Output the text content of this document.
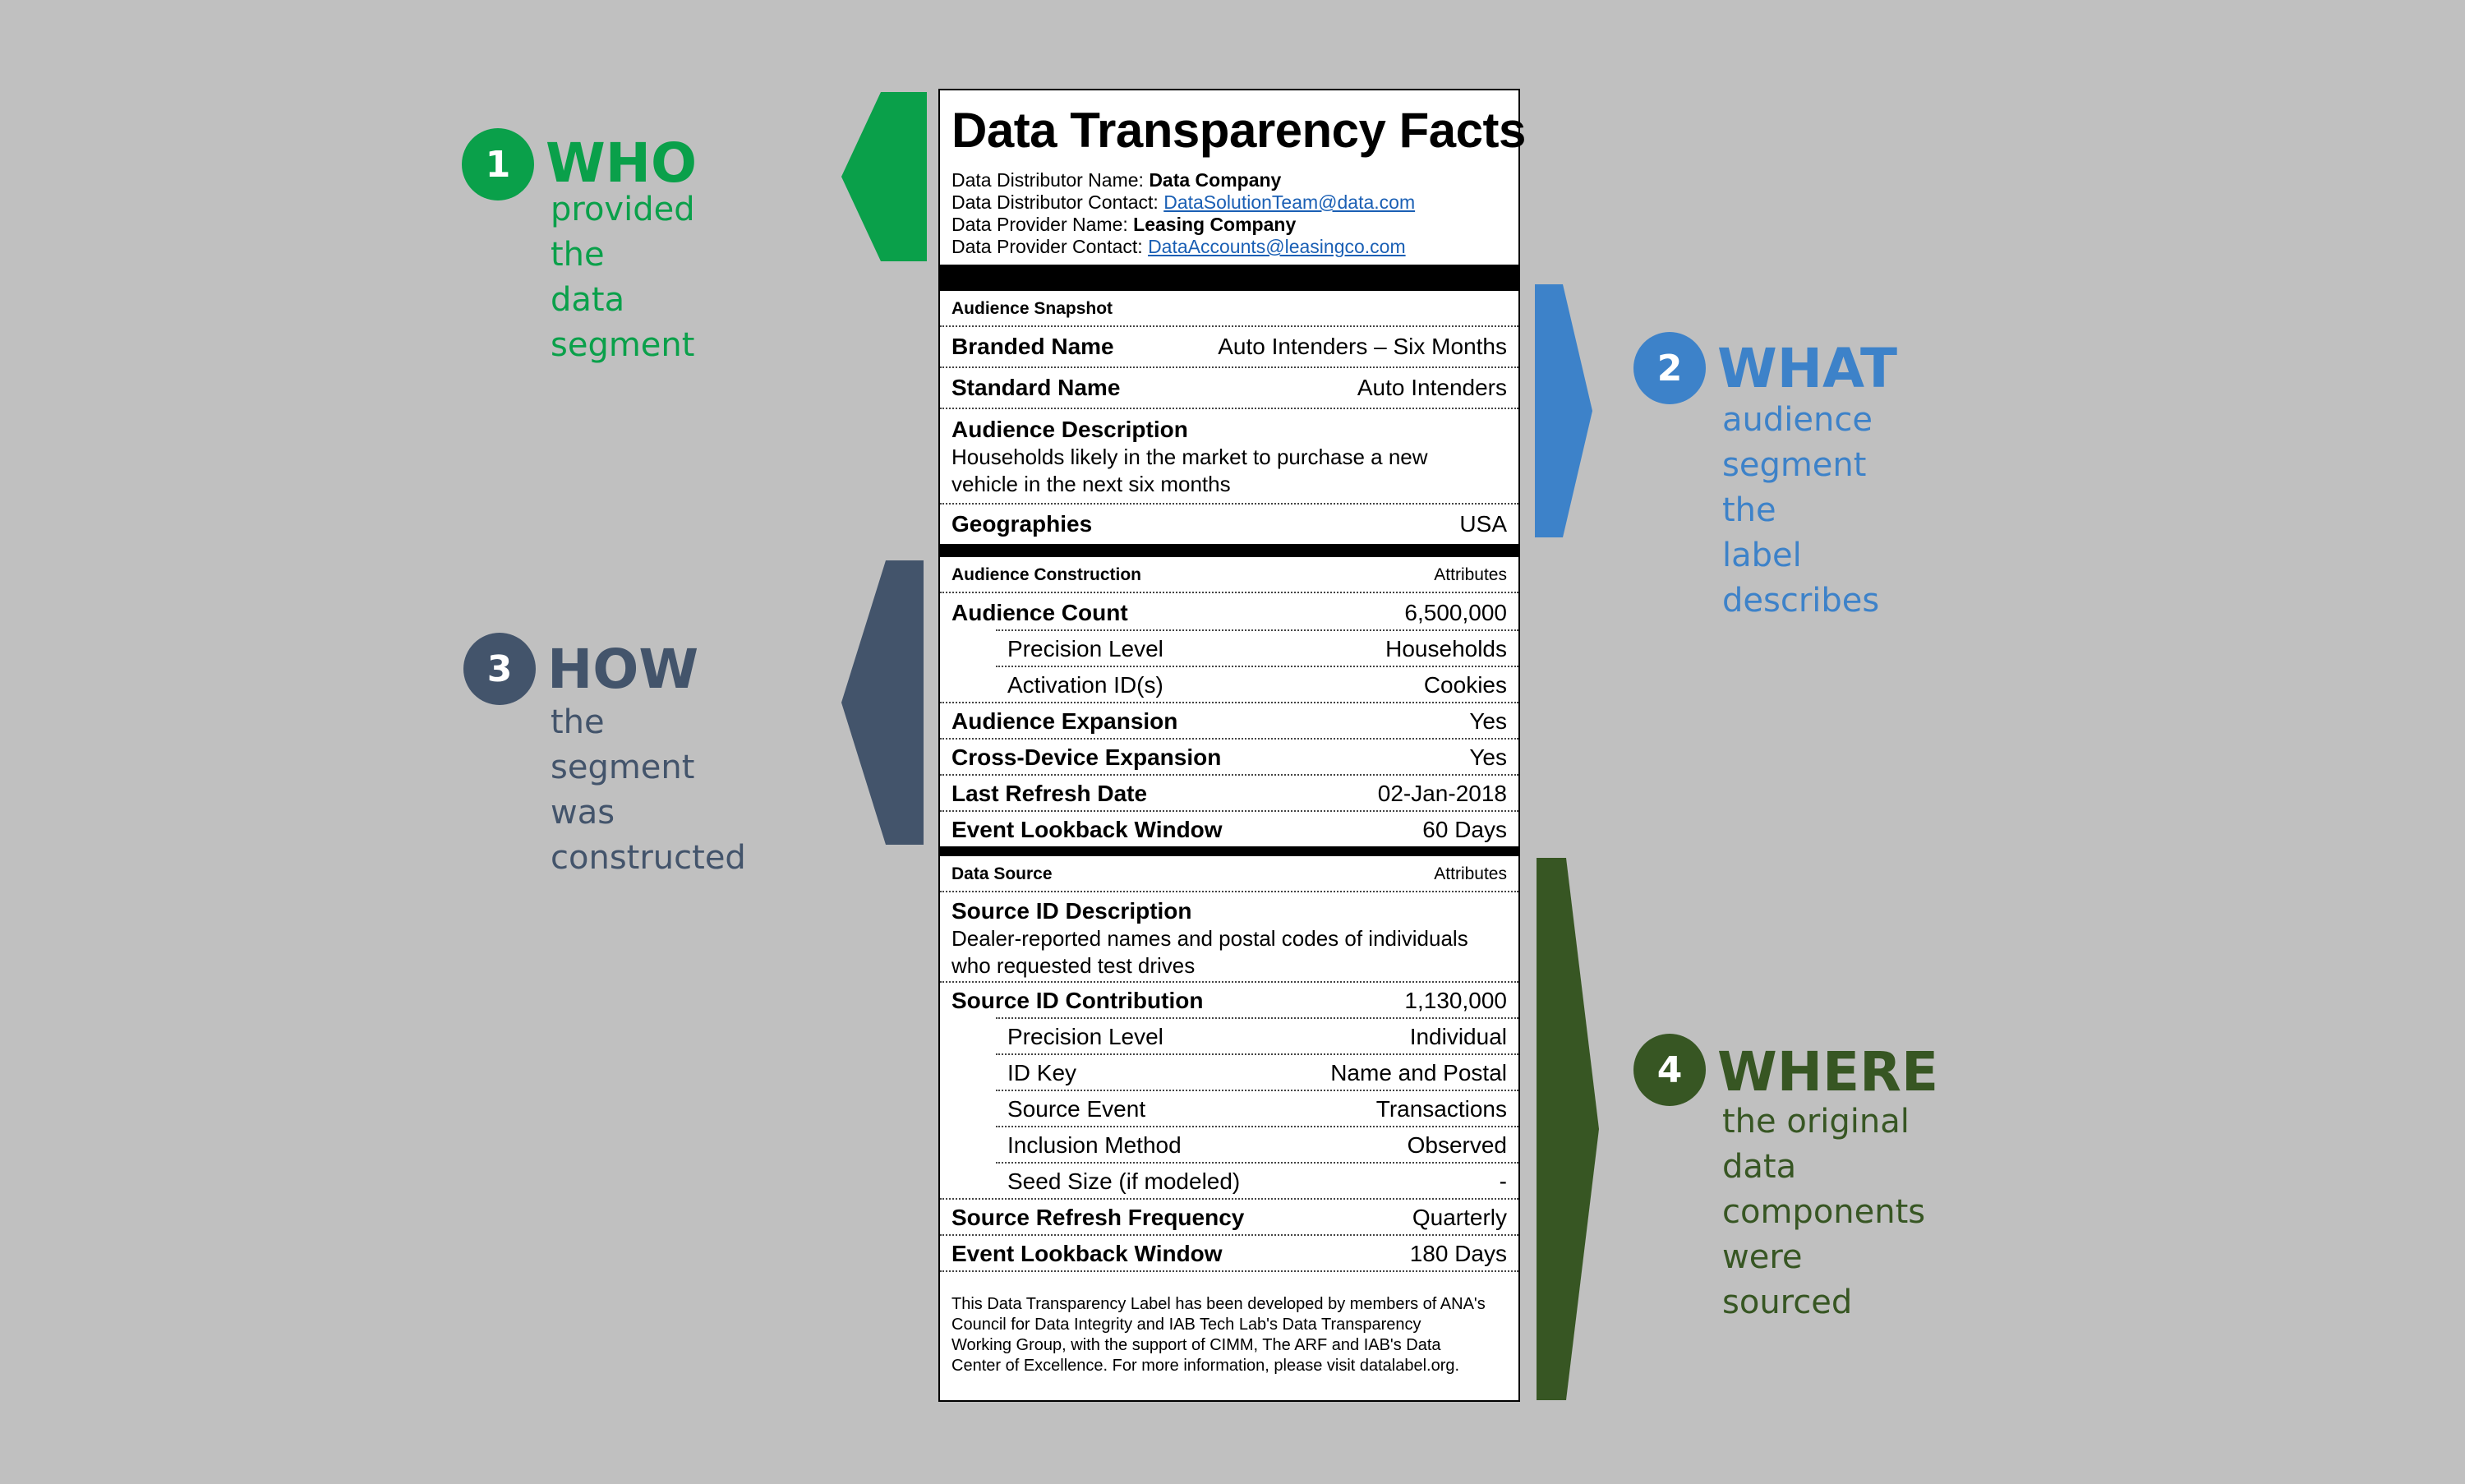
1 WHO
provided the
data segment
2 WHAT
audience
segment the
label describes
3 HOW
the segment
was constructed
4 WHERE
the original data
components
were sourced
Data Transparency Facts
Data Distributor Name: Data Company
Data Distributor Contact: DataSolutionTeam@data.com
Data Provider Name: Leasing Company
Data Provider Contact: DataAccounts@leasingco.com
Audience Snapshot
Branded Name	Auto Intenders – Six Months
Standard Name	Auto Intenders
Audience Description
Households likely in the market to purchase a new
vehicle in the next six months
Geographies	USA
Audience Construction	Attributes
Audience Count	6,500,000
Precision Level	Households
Activation ID(s)	Cookies
Audience Expansion	Yes
Cross-Device Expansion	Yes
Last Refresh Date	02-Jan-2018
Event Lookback Window	60 Days
Data Source	Attributes
Source ID Description
Dealer-reported names and postal codes of individuals
who requested test drives
Source ID Contribution	1,130,000
Precision Level	Individual
ID Key	Name and Postal
Source Event	Transactions
Inclusion Method	Observed
Seed Size (if modeled)	-
Source Refresh Frequency	Quarterly
Event Lookback Window	180 Days
This Data Transparency Label has been developed by members of ANA's
Council for Data Integrity and IAB Tech Lab's Data Transparency
Working Group, with the support of CIMM, The ARF and IAB's Data
Center of Excellence. For more information, please visit datalabel.org.
